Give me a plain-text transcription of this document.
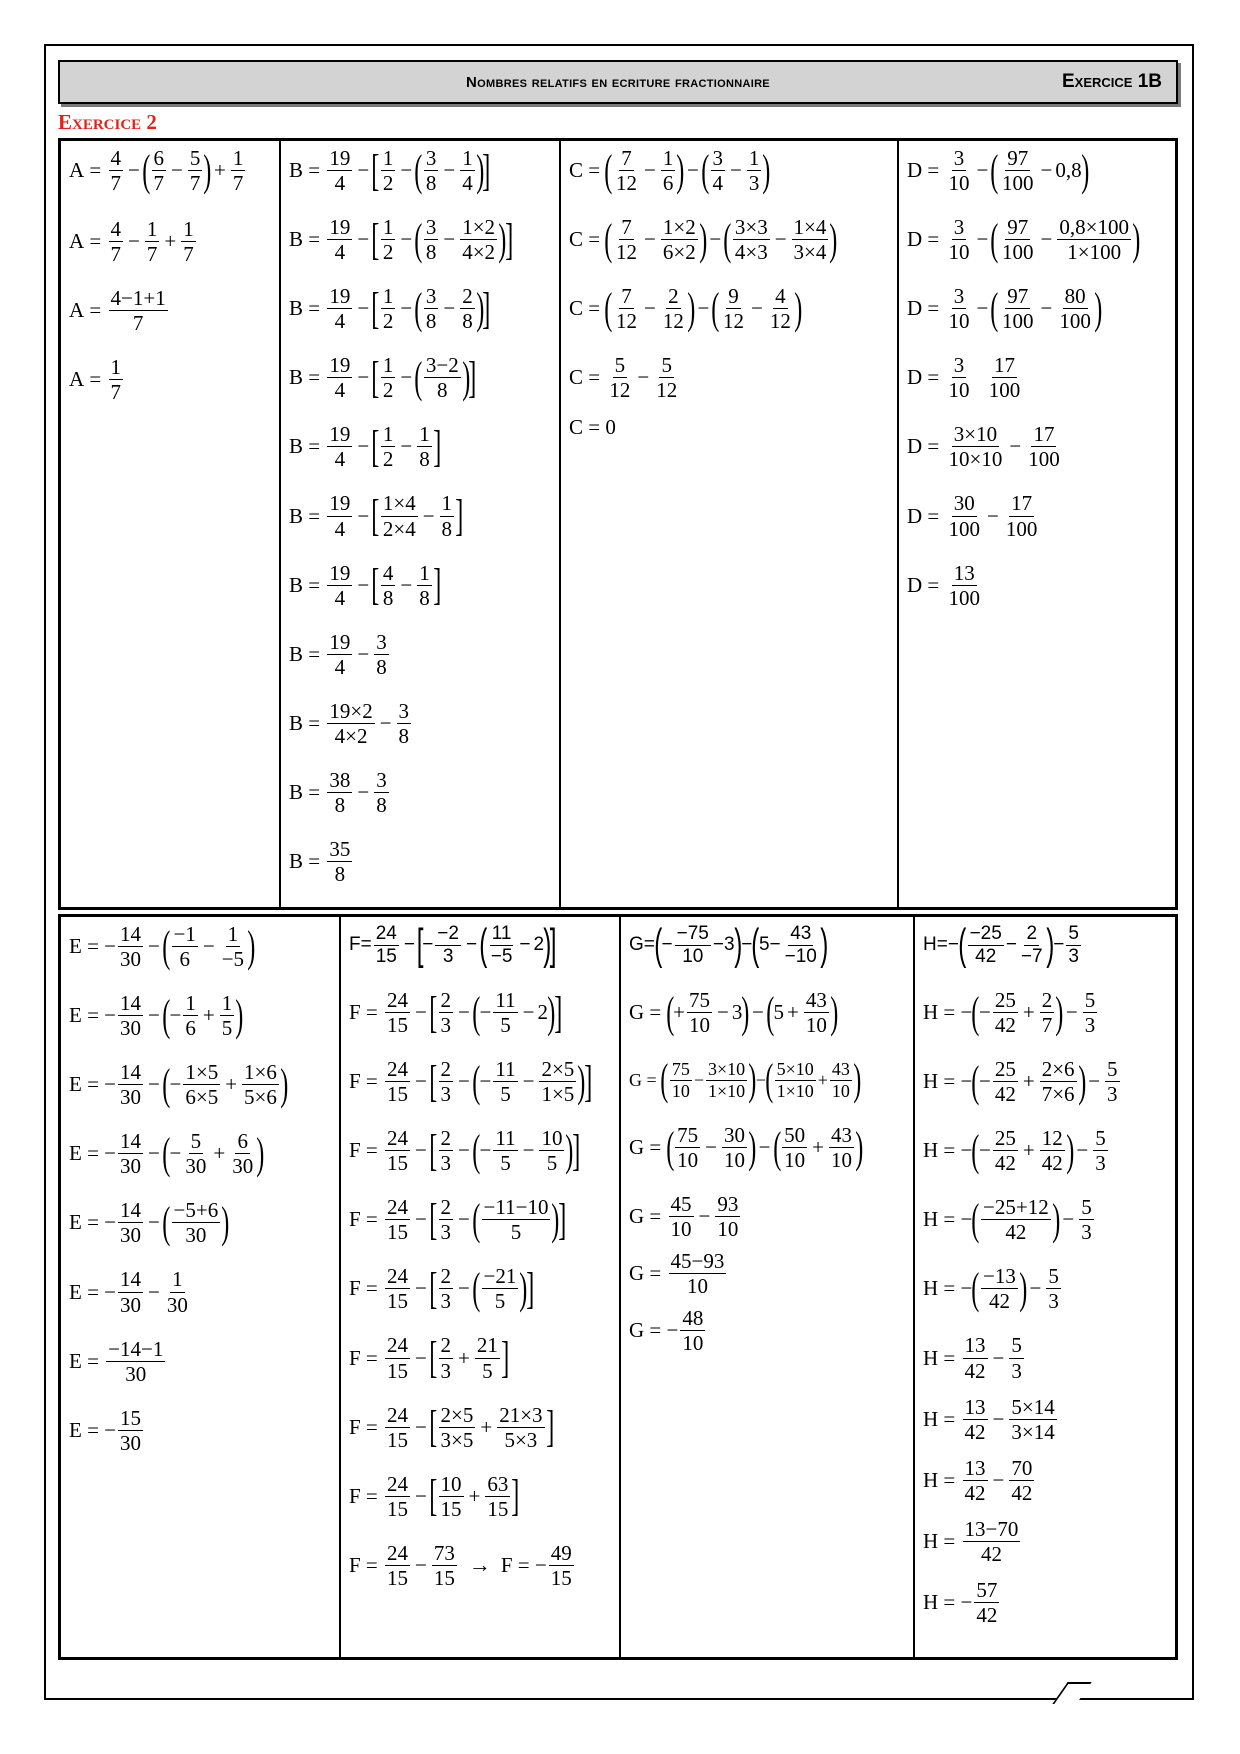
Nombres relatifs en ecriture fractionnaire	Exercice 1B
Exercice 2
A =
4
7
− ( 6
7
− $\frac{5}{7}$ ) + $\frac{1}{7}$
A =
4
7
− $\frac{1}{7} + \frac{1}{7}$
A =
4−1+1
7
A =
1
7
B =
19
4
− [ 1
2
− ( 3
8
− $\frac{1}{4}$ )
]
B =
19
4
− [ 1
2
− ( 3
8
− $\frac{1\times 2}{4\times 2}$ )
]
B =
19
4
− [ 1
2
− ( 3
8
− $\frac{2}{8}$ )
]
B =
19
4
− [ 1
2
− ( 3−2
8 )
]
B =
19
4
− [ 1
2
− $\frac{1}{8}$ ]
B =
19
4
− [ 1×4
2×4
− $\frac{1}{8}$ ]
B =
19
4
− [ 4
8
− $\frac{1}{8}$ ]
B =
19
4
− $\frac{3}{8}$
B =
19×2
4×2
− $\frac{3}{8}$
B =
38
8
− $\frac{3}{8}$
B =
35
8
C = ( 7
12
− $\frac{1}{6}$ ) − ( 3
4
− $\frac{1}{3}$ )
C = ( 7
12
− $\frac{1\times 2}{6\times 2}$ ) − ( 3×3
4×3
− $\frac{1\times 4}{3\times 4}$ )
C = ( 7
12
− $\frac{2}{12}$ ) − ( 9
12
− $\frac{4}{12}$ )
C =
5
12
− $\frac{5}{12}$
C = 0
D =
3
10
− ( 97
100
− 0,8 )
D =
3
10
− ( 97
100
− $\frac{0,8\times 100}{1\times 100}$ )
D =
3
10
− ( 97
100
− $\frac{80}{100}$ )
D =
3
10

17
100
D =
3×10
10×10
− $\frac{17}{100}$
D =
30
100
− $\frac{17}{100}$
D =
13
100
E = −
14
30
− ( −1
6
− $\frac{1}{-5}$ )
E = −
14
30
− ( −
1
6
+ $\frac{1}{5}$ )
E = −
14
30
− ( −
1×5
6×5
+ $\frac{1\times 6}{5\times 6}$ )
E = −
14
30
− ( −
5
30
+ $\frac{6}{30}$ )
E = −
14
30
− ( −5+6
30 )
E = −
14
30
− $\frac{1}{30}$
E =
−14−1
30
E = −
15
30
F=
24
15
− [
−
−2
3
− ( 11
−5
− 2 )
]
F =
24
15
− [ 2
3
− ( −
11
5
− 2 )
]
F =
24
15
− [ 2
3
− ( −
11
5
− $\frac{2\times 5}{1\times 5}$ )
]
F =
24
15
− [ 2
3
− ( −
11
5
− $\frac{10}{5}$ )
]
F =
24
15
− [ 2
3
− ( −11−10
5 )
]
F =
24
15
− [ 2
3
− ( −21
5 )
]
F =
24
15
− [ 2
3
+ $\frac{21}{5}$ ]
F =
24
15
− [ 2×5
3×5
+ $\frac{21\times 3}{5\times 3}$ ]
F =
24
15
− [ 10
15
+ $\frac{63}{15}$ ]
F =
24
15
− $\frac{73}{15} \to F$ = −
49
15
G= ( −
−75
10
−3 ) − ( 5−
43
−10 )
G = ( +
75
10
− 3 ) − ( $5 + \frac{43}{10}$ )
G = ( 75
10
−
3×10
1×10 ) − ( 5×10
1×10
+
43
10 )
G = ( 75
10
− $\frac{30}{10}$ ) − ( 50
10
+ $\frac{43}{10}$ )
G =
45
10
− $\frac{93}{10}$
G =
45−93
10
G = −
48
10
H=− ( −25
42
−
2
−7 ) −
5
3
H = − ( −
25
42
+ $\frac{2}{7}$ ) − $\frac{5}{3}$
H = − ( −
25
42
+ $\frac{2\times 6}{7\times 6}$ ) − $\frac{5}{3}$
H = − ( −
25
42
+ $\frac{12}{42}$ ) − $\frac{5}{3}$
H = − ( −25+12
42 ) − $\frac{5}{3}$
H = − ( −13
42 ) − $\frac{5}{3}$
H =
13
42
− $\frac{5}{3}$
H =
13
42
− $\frac{5\times 14}{3\times 14}$
H =
13
42
− $\frac{70}{42}$
H =
13−70
42
H = −
57
42
